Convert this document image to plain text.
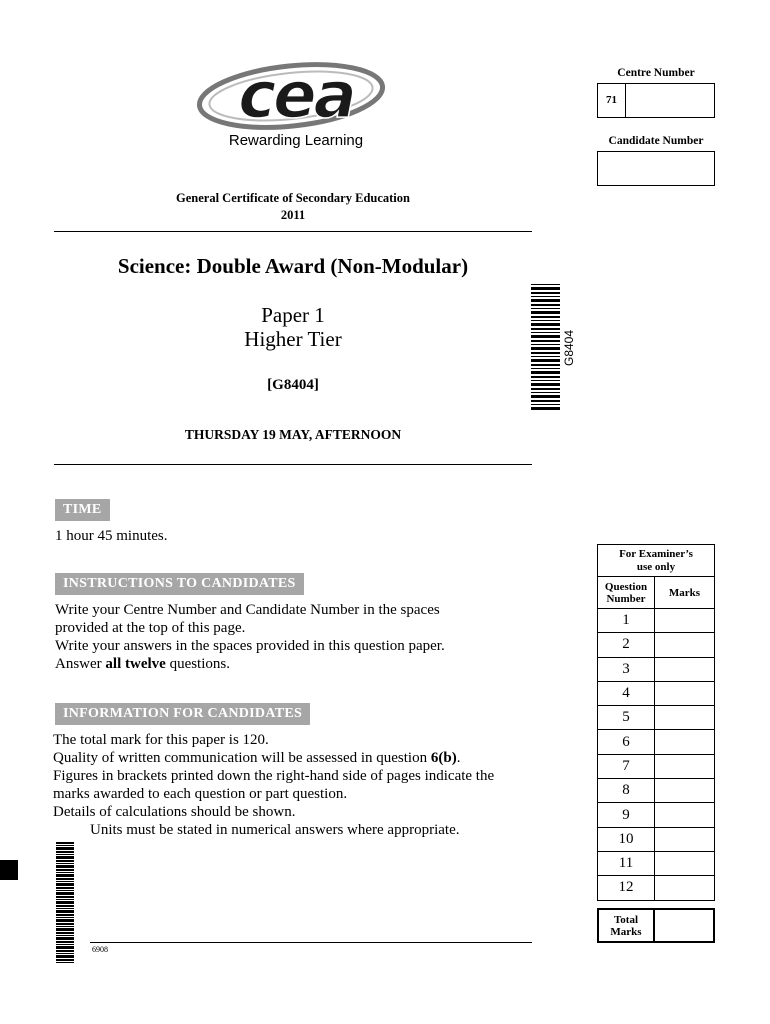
cea
Rewarding Learning
Centre Number
71
Candidate Number
General Certificate of Secondary Education
2011
Science: Double Award (Non-Modular)
Paper 1
Higher Tier
[G8404]
THURSDAY 19 MAY, AFTERNOON
G8404
TIME
1 hour 45 minutes.
INSTRUCTIONS TO CANDIDATES

Write your Centre Number and Candidate Number in the spaces

provided at the top of this page.

Write your answers in the spaces provided in this question paper.

Answer all twelve questions.

INFORMATION FOR CANDIDATES

The total mark for this paper is 120.

Quality of written communication will be assessed in question 6(b).

Figures in brackets printed down the right-hand side of pages indicate the

marks awarded to each question or part question.

Details of calculations should be shown.

Units must be stated in numerical answers where appropriate.

For Examiner’s
use only	

Question
Number	Marks
1	
2	
3	
4	
5	
6	
7	
8	
9	
10	
11	
12	
Total
Marks
6908
